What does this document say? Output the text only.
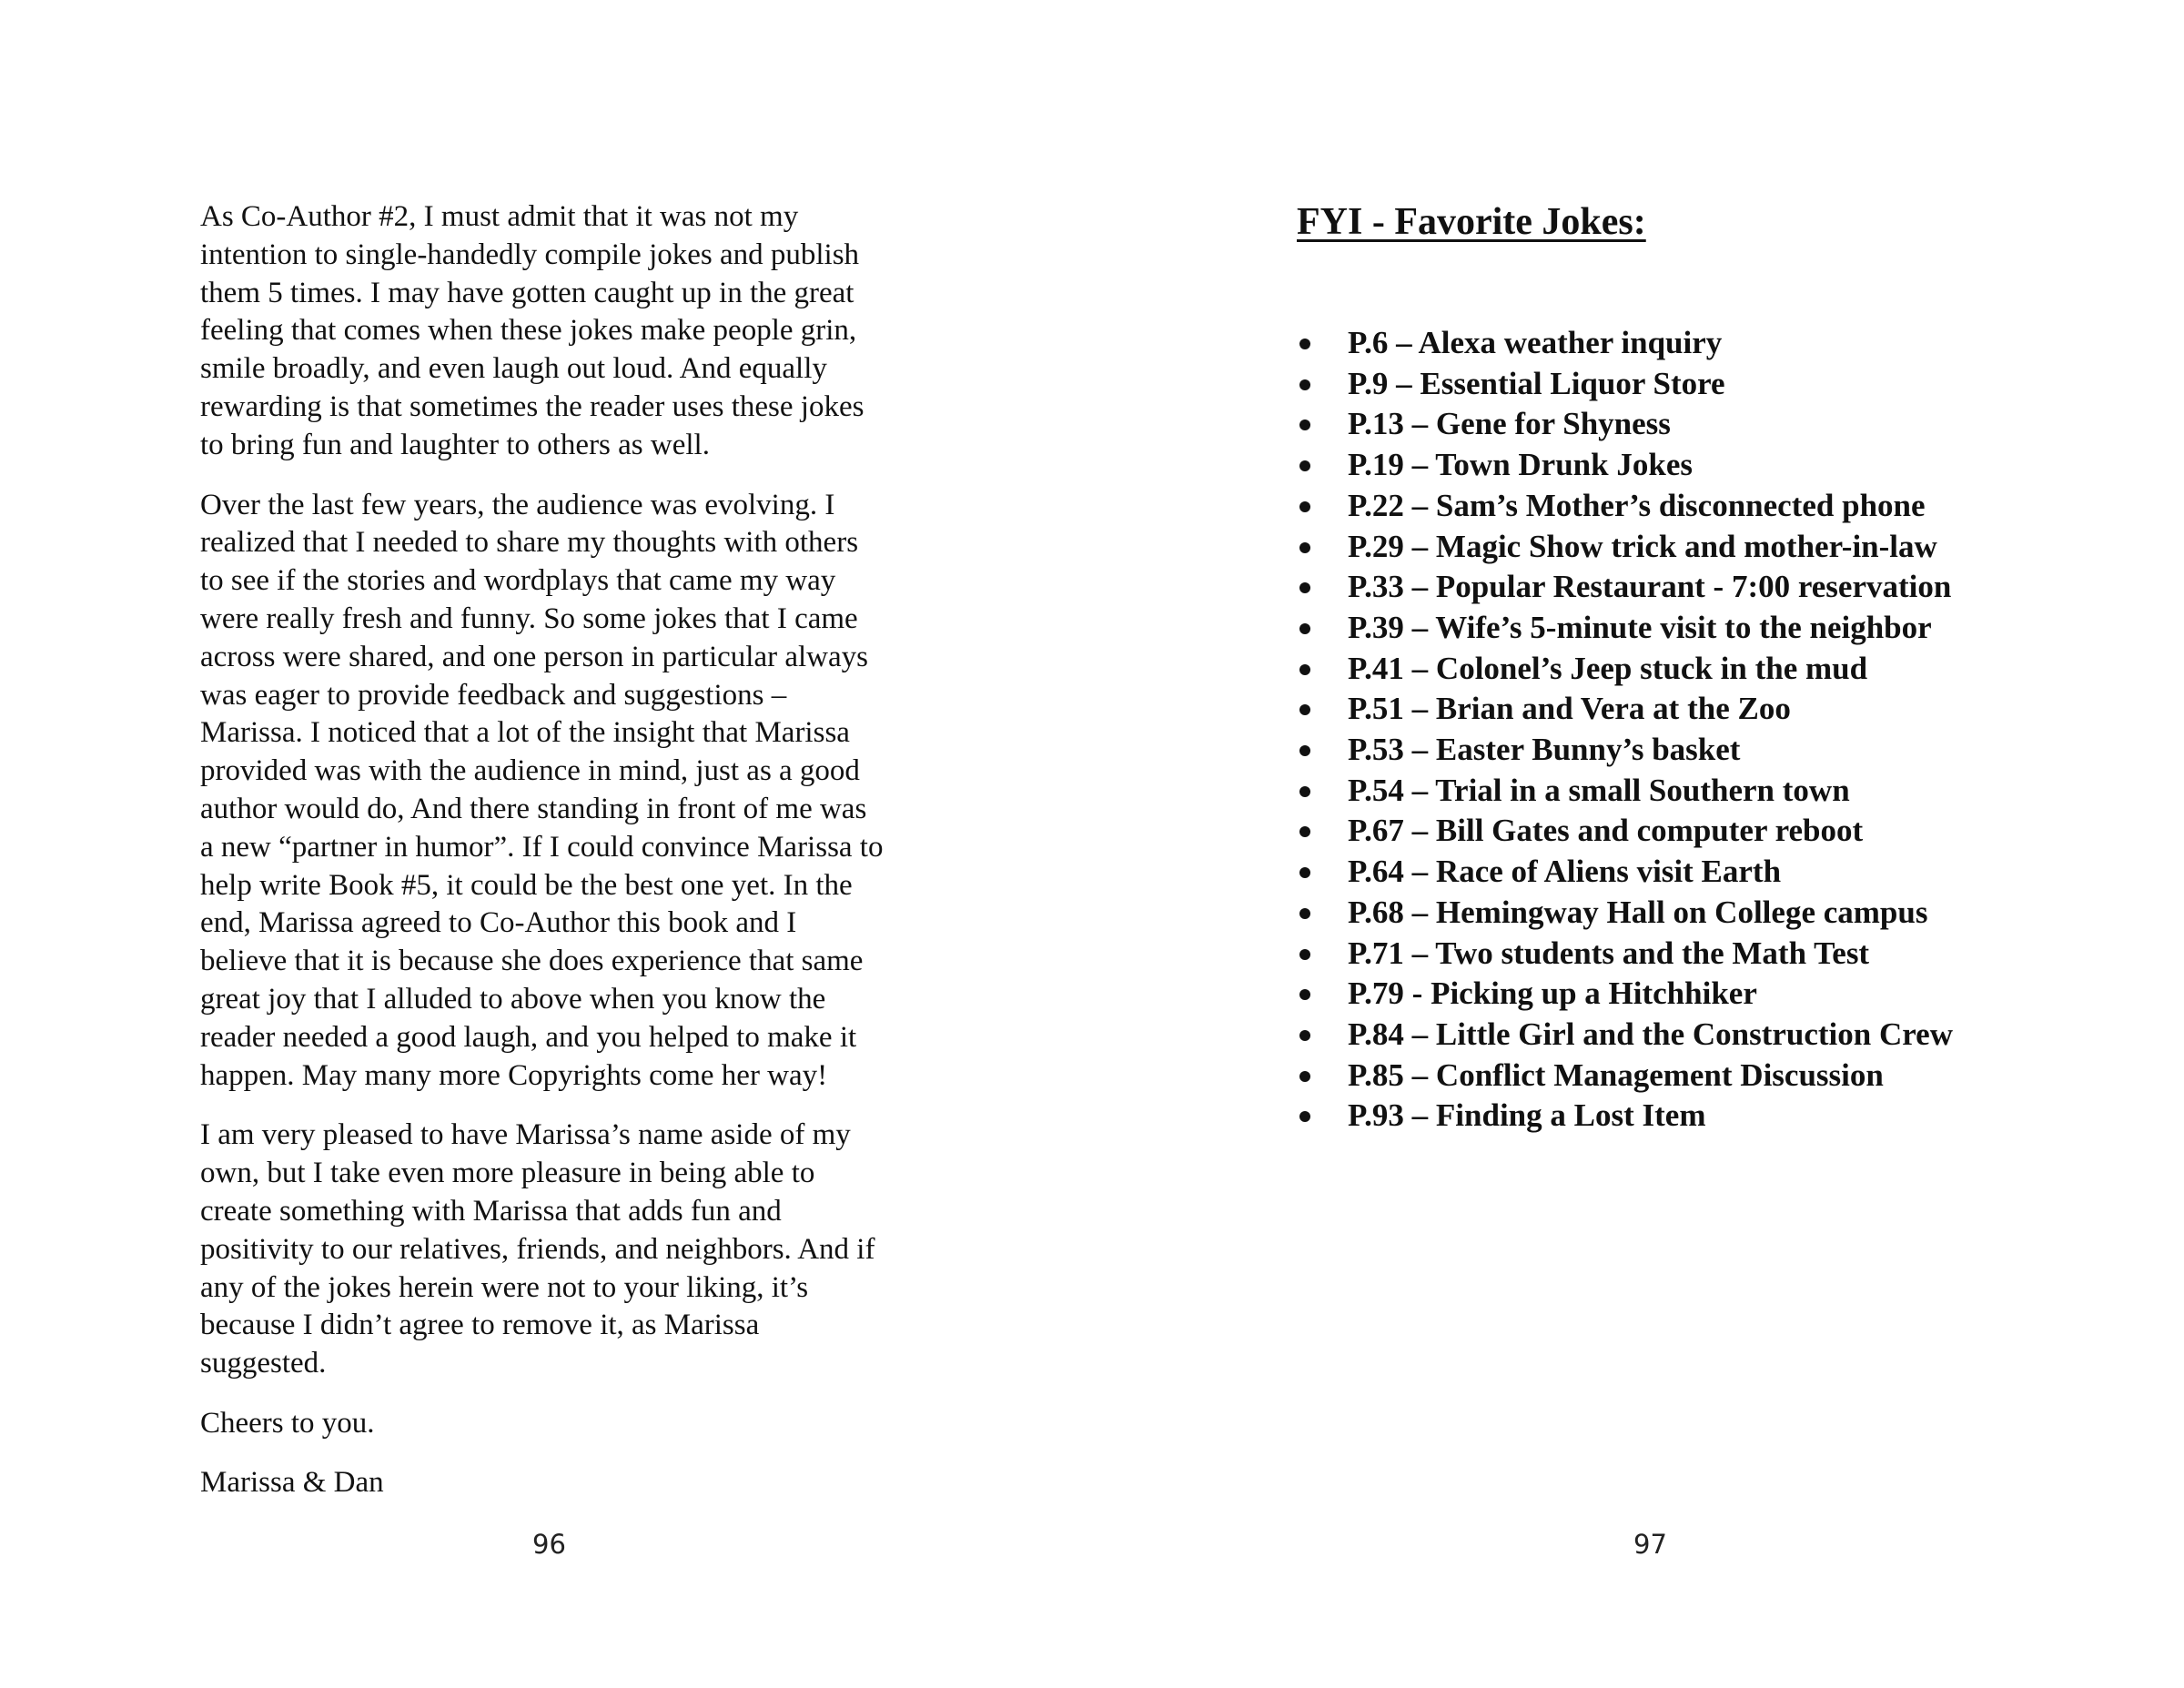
As Co-Author #2, I must admit that it was not my
intention to single-handedly compile jokes and publish
them 5 times. I may have gotten caught up in the great
feeling that comes when these jokes make people grin,
smile broadly, and even laugh out loud. And equally
rewarding is that sometimes the reader uses these jokes
to bring fun and laughter to others as well.

Over the last few years, the audience was evolving. I
realized that I needed to share my thoughts with others
to see if the stories and wordplays that came my way
were really fresh and funny. So some jokes that I came
across were shared, and one person in particular always
was eager to provide feedback and suggestions –
Marissa. I noticed that a lot of the insight that Marissa
provided was with the audience in mind, just as a good
author would do, And there standing in front of me was
a new “partner in humor”. If I could convince Marissa to
help write Book #5, it could be the best one yet. In the
end, Marissa agreed to Co-Author this book and I
believe that it is because she does experience that same
great joy that I alluded to above when you know the
reader needed a good laugh, and you helped to make it
happen. May many more Copyrights come her way!

I am very pleased to have Marissa’s name aside of my
own, but I take even more pleasure in being able to
create something with Marissa that adds fun and
positivity to our relatives, friends, and neighbors. And if
any of the jokes herein were not to your liking, it’s
because I didn’t agree to remove it, as Marissa
suggested.

Cheers to you.

Marissa & Dan

96
FYI - Favorite Jokes:
P.6 – Alexa weather inquiry
P.9 – Essential Liquor Store
P.13 – Gene for Shyness
P.19 – Town Drunk Jokes
P.22 – Sam’s Mother’s disconnected phone
P.29 – Magic Show trick and mother-in-law
P.33 – Popular Restaurant - 7:00 reservation
P.39 – Wife’s 5-minute visit to the neighbor
P.41 – Colonel’s Jeep stuck in the mud
P.51 – Brian and Vera at the Zoo
P.53 – Easter Bunny’s basket
P.54 – Trial in a small Southern town
P.67 – Bill Gates and computer reboot
P.64 – Race of Aliens visit Earth
P.68 – Hemingway Hall on College campus
P.71 – Two students and the Math Test
P.79 - Picking up a Hitchhiker
P.84 – Little Girl and the Construction Crew
P.85 – Conflict Management Discussion
P.93 – Finding a Lost Item
97
